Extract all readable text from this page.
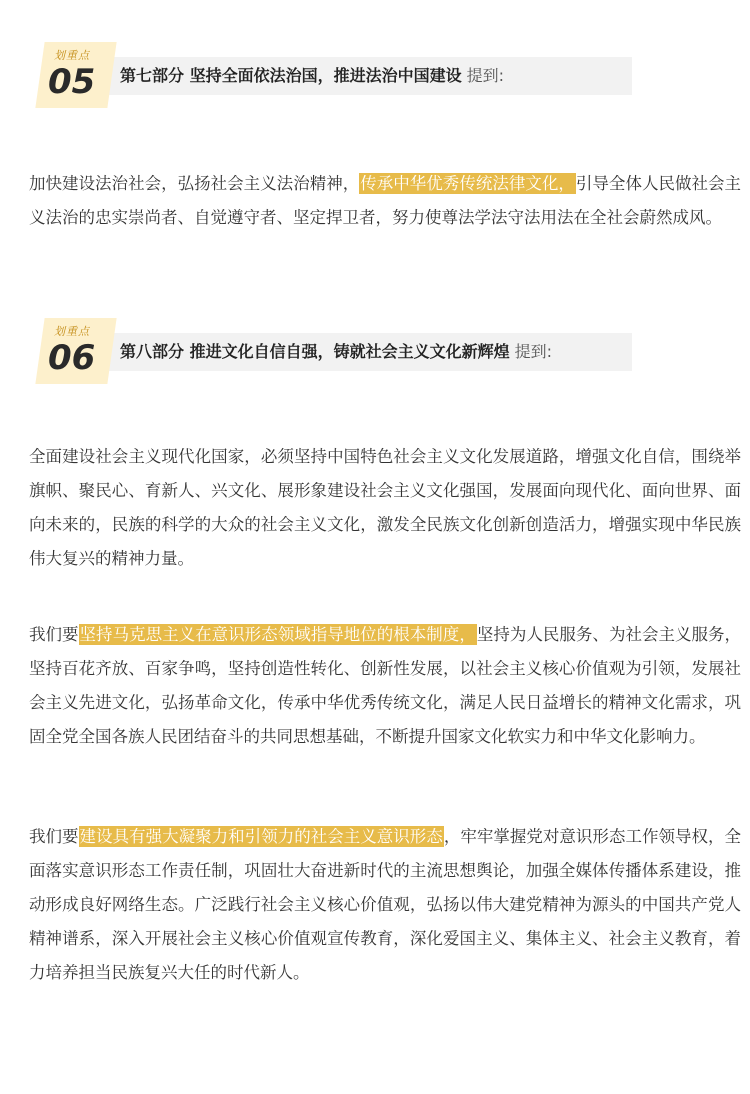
划重点
05 第七部分 坚持全面依法治国，推进法治中国建设 提到:

加快建设法治社会，弘扬社会主义法治精神，传承中华优秀传统法律文化，引导全体人民做社会主义法治的忠实崇尚者、自觉遵守者、坚定捍卫者，努力使尊法学法守法用法在全社会蔚然成风。

划重点
06 第八部分 推进文化自信自强，铸就社会主义文化新辉煌 提到:

全面建设社会主义现代化国家，必须坚持中国特色社会主义文化发展道路，增强文化自信，围绕举旗帜、聚民心、育新人、兴文化、展形象建设社会主义文化强国，发展面向现代化、面向世界、面向未来的，民族的科学的大众的社会主义文化，激发全民族文化创新创造活力，增强实现中华民族伟大复兴的精神力量。

我们要坚持马克思主义在意识形态领域指导地位的根本制度，坚持为人民服务、为社会主义服务，坚持百花齐放、百家争鸣，坚持创造性转化、创新性发展，以社会主义核心价值观为引领，发展社会主义先进文化，弘扬革命文化，传承中华优秀传统文化，满足人民日益增长的精神文化需求，巩固全党全国各族人民团结奋斗的共同思想基础，不断提升国家文化软实力和中华文化影响力。

我们要建设具有强大凝聚力和引领力的社会主义意识形态，牢牢掌握党对意识形态工作领导权，全面落实意识形态工作责任制，巩固壮大奋进新时代的主流思想舆论，加强全媒体传播体系建设，推动形成良好网络生态。广泛践行社会主义核心价值观，弘扬以伟大建党精神为源头的中国共产党人精神谱系，深入开展社会主义核心价值观宣传教育，深化爱国主义、集体主义、社会主义教育，着力培养担当民族复兴大任的时代新人。
